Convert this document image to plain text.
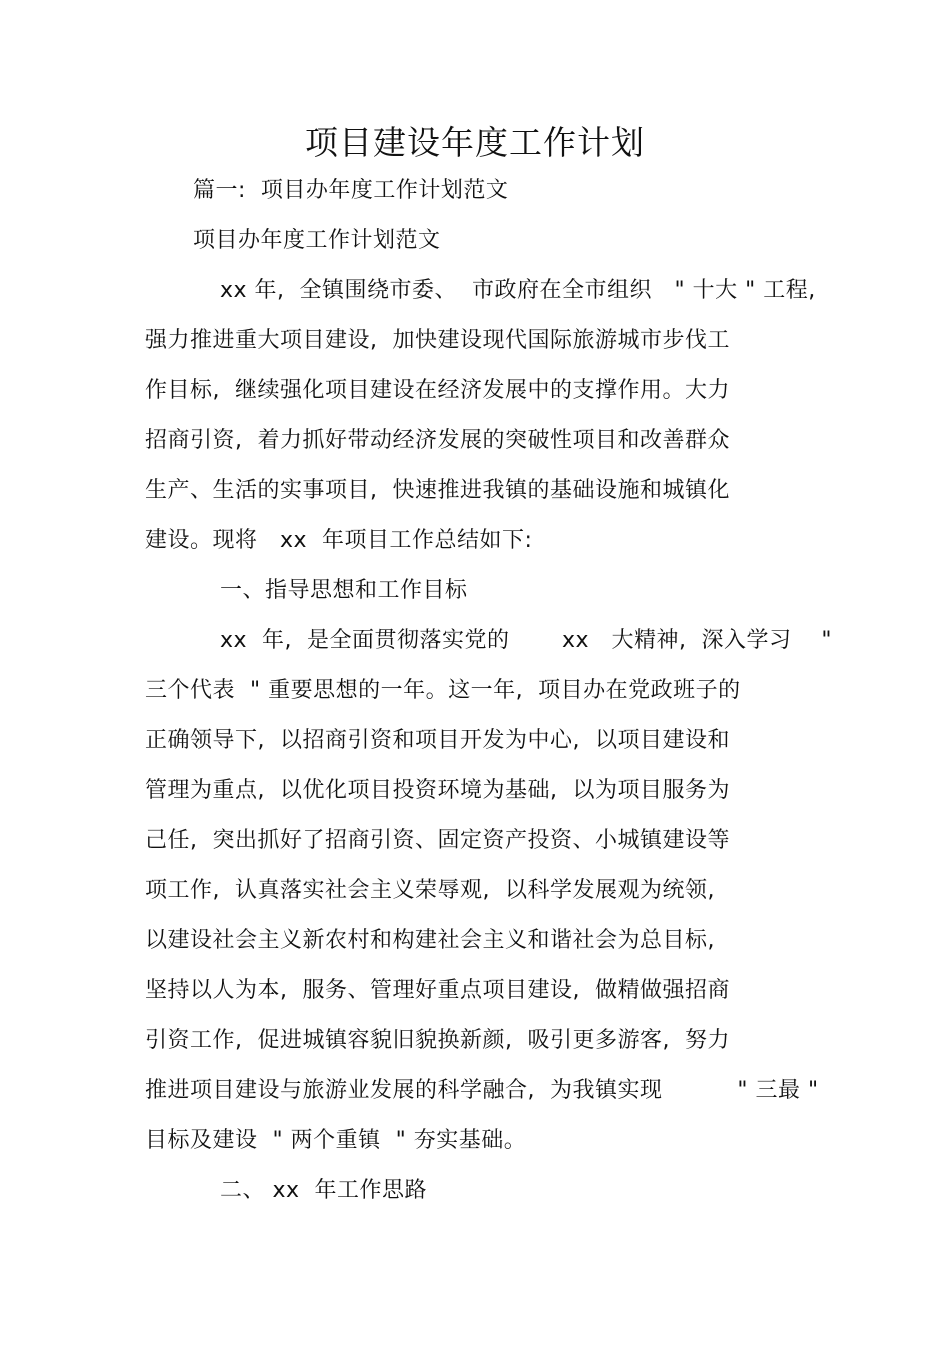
项目建设年度工作计划
篇一:  项目办年度工作计划范文
项目办年度工作计划范文
xx 年,  全镇围绕市委、  市政府在全市组织   " 十大 " 工程,
强力推进重大项目建设,  加快建设现代国际旅游城市步伐工
作目标,  继续强化项目建设在经济发展中的支撑作用。大力
招商引资,  着力抓好带动经济发展的突破性项目和改善群众
生产、生活的实事项目,  快速推进我镇的基础设施和城镇化
建设。现将   xx  年项目工作总结如下:
一、指导思想和工作目标
xx  年,  是全面贯彻落实党的       xx   大精神,  深入学习    "
三个代表  " 重要思想的一年。这一年,  项目办在党政班子的
正确领导下,  以招商引资和项目开发为中心,  以项目建设和
管理为重点,  以优化项目投资环境为基础,  以为项目服务为
己任,  突出抓好了招商引资、固定资产投资、小城镇建设等
项工作,  认真落实社会主义荣辱观,  以科学发展观为统领,
以建设社会主义新农村和构建社会主义和谐社会为总目标,
坚持以人为本,  服务、管理好重点项目建设,  做精做强招商
引资工作,  促进城镇容貌旧貌换新颜,  吸引更多游客,  努力
推进项目建设与旅游业发展的科学融合,  为我镇实现          " 三最 "
目标及建设  " 两个重镇  " 夯实基础。
二、 xx  年工作思路
